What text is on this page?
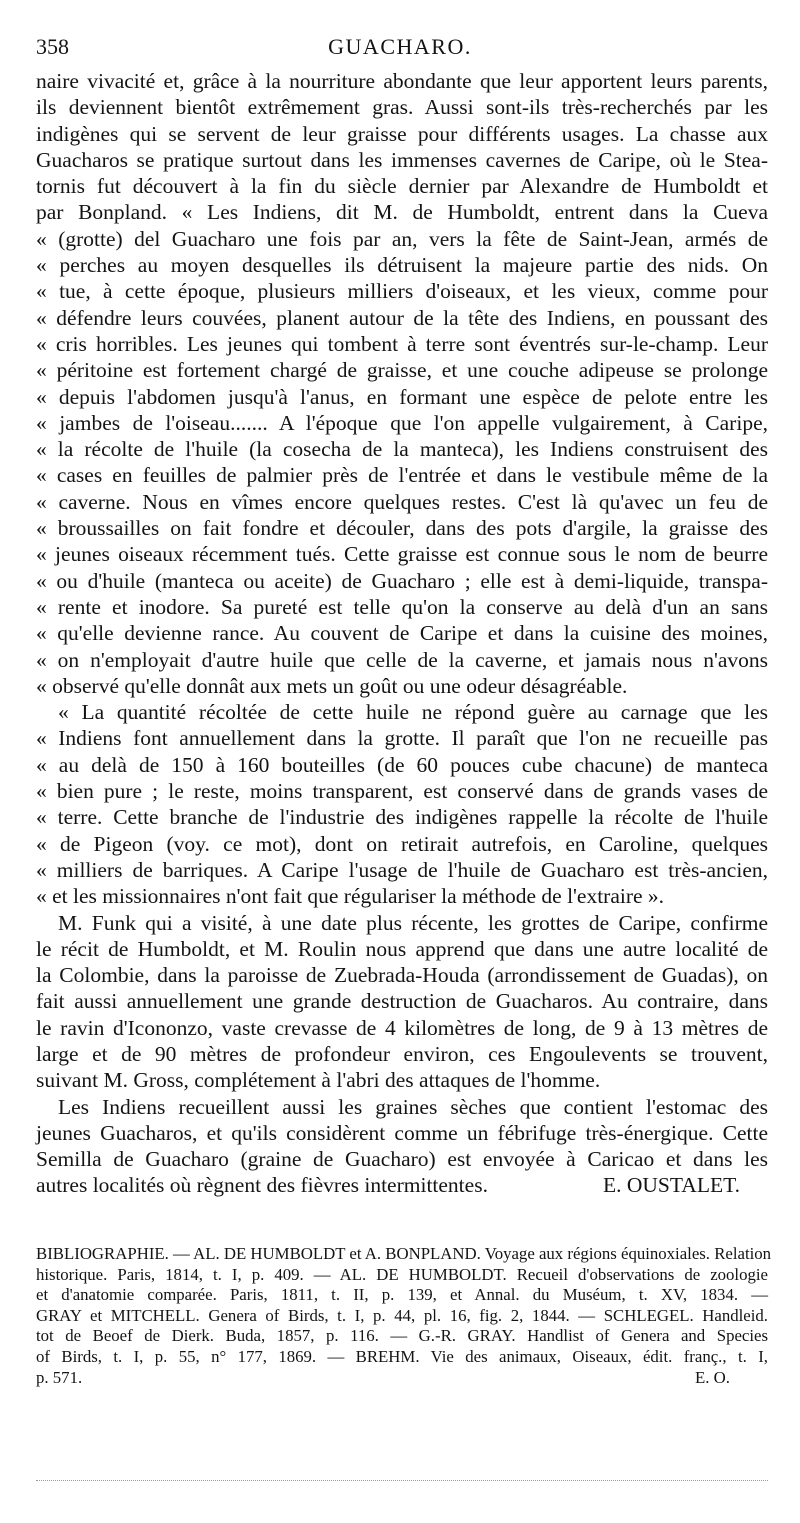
358	GUACHARO.
naire vivacité et, grâce à la nourriture abondante que leur apportent leurs parents,
ils deviennent bientôt extrêmement gras. Aussi sont-ils très-recherchés par les
indigènes qui se servent de leur graisse pour différents usages. La chasse aux
Guacharos se pratique surtout dans les immenses cavernes de Caripe, où le Stea-
tornis fut découvert à la fin du siècle dernier par Alexandre de Humboldt et
par Bonpland. « Les Indiens, dit M. de Humboldt, entrent dans la Cueva
« (grotte) del Guacharo une fois par an, vers la fête de Saint-Jean, armés de
« perches au moyen desquelles ils détruisent la majeure partie des nids. On
« tue, à cette époque, plusieurs milliers d'oiseaux, et les vieux, comme pour
« défendre leurs couvées, planent autour de la tête des Indiens, en poussant des
« cris horribles. Les jeunes qui tombent à terre sont éventrés sur-le-champ. Leur
« péritoine est fortement chargé de graisse, et une couche adipeuse se prolonge
« depuis l'abdomen jusqu'à l'anus, en formant une espèce de pelote entre les
« jambes de l'oiseau....... A l'époque que l'on appelle vulgairement, à Caripe,
« la récolte de l'huile (la cosecha de la manteca), les Indiens construisent des
« cases en feuilles de palmier près de l'entrée et dans le vestibule même de la
« caverne. Nous en vîmes encore quelques restes. C'est là qu'avec un feu de
« broussailles on fait fondre et découler, dans des pots d'argile, la graisse des
« jeunes oiseaux récemment tués. Cette graisse est connue sous le nom de beurre
« ou d'huile (manteca ou aceite) de Guacharo ; elle est à demi-liquide, transpa-
« rente et inodore. Sa pureté est telle qu'on la conserve au delà d'un an sans
« qu'elle devienne rance. Au couvent de Caripe et dans la cuisine des moines,
« on n'employait d'autre huile que celle de la caverne, et jamais nous n'avons
« observé qu'elle donnât aux mets un goût ou une odeur désagréable.
« La quantité récoltée de cette huile ne répond guère au carnage que les
« Indiens font annuellement dans la grotte. Il paraît que l'on ne recueille pas
« au delà de 150 à 160 bouteilles (de 60 pouces cube chacune) de manteca
« bien pure ; le reste, moins transparent, est conservé dans de grands vases de
« terre. Cette branche de l'industrie des indigènes rappelle la récolte de l'huile
« de Pigeon (voy. ce mot), dont on retirait autrefois, en Caroline, quelques
« milliers de barriques. A Caripe l'usage de l'huile de Guacharo est très-ancien,
« et les missionnaires n'ont fait que régulariser la méthode de l'extraire ».
M. Funk qui a visité, à une date plus récente, les grottes de Caripe, confirme
le récit de Humboldt, et M. Roulin nous apprend que dans une autre localité de
la Colombie, dans la paroisse de Zuebrada-Houda (arrondissement de Guadas), on
fait aussi annuellement une grande destruction de Guacharos. Au contraire, dans
le ravin d'Icononzo, vaste crevasse de 4 kilomètres de long, de 9 à 13 mètres de
large et de 90 mètres de profondeur environ, ces Engoulevents se trouvent,
suivant M. Gross, complétement à l'abri des attaques de l'homme.
Les Indiens recueillent aussi les graines sèches que contient l'estomac des
jeunes Guacharos, et qu'ils considèrent comme un fébrifuge très-énergique. Cette
Semilla de Guacharo (graine de Guacharo) est envoyée à Caricao et dans les
autres localités où règnent des fièvres intermittentes.	E. OUSTALET.
BIBLIOGRAPHIE. — AL. DE HUMBOLDT et A. BONPLAND. Voyage aux régions équinoxiales. Relation
historique. Paris, 1814, t. I, p. 409. — AL. DE HUMBOLDT. Recueil d'observations de zoologie
et d'anatomie comparée. Paris, 1811, t. II, p. 139, et Annal. du Muséum, t. XV, 1834. —
GRAY et MITCHELL. Genera of Birds, t. I, p. 44, pl. 16, fig. 2, 1844. — SCHLEGEL. Handleid.
tot de Beoef de Dierk. Buda, 1857, p. 116. — G.-R. GRAY. Handlist of Genera and Species
of Birds, t. I, p. 55, n° 177, 1869. — BREHM. Vie des animaux, Oiseaux, édit. franç., t. I,
p. 571.	E. O.
